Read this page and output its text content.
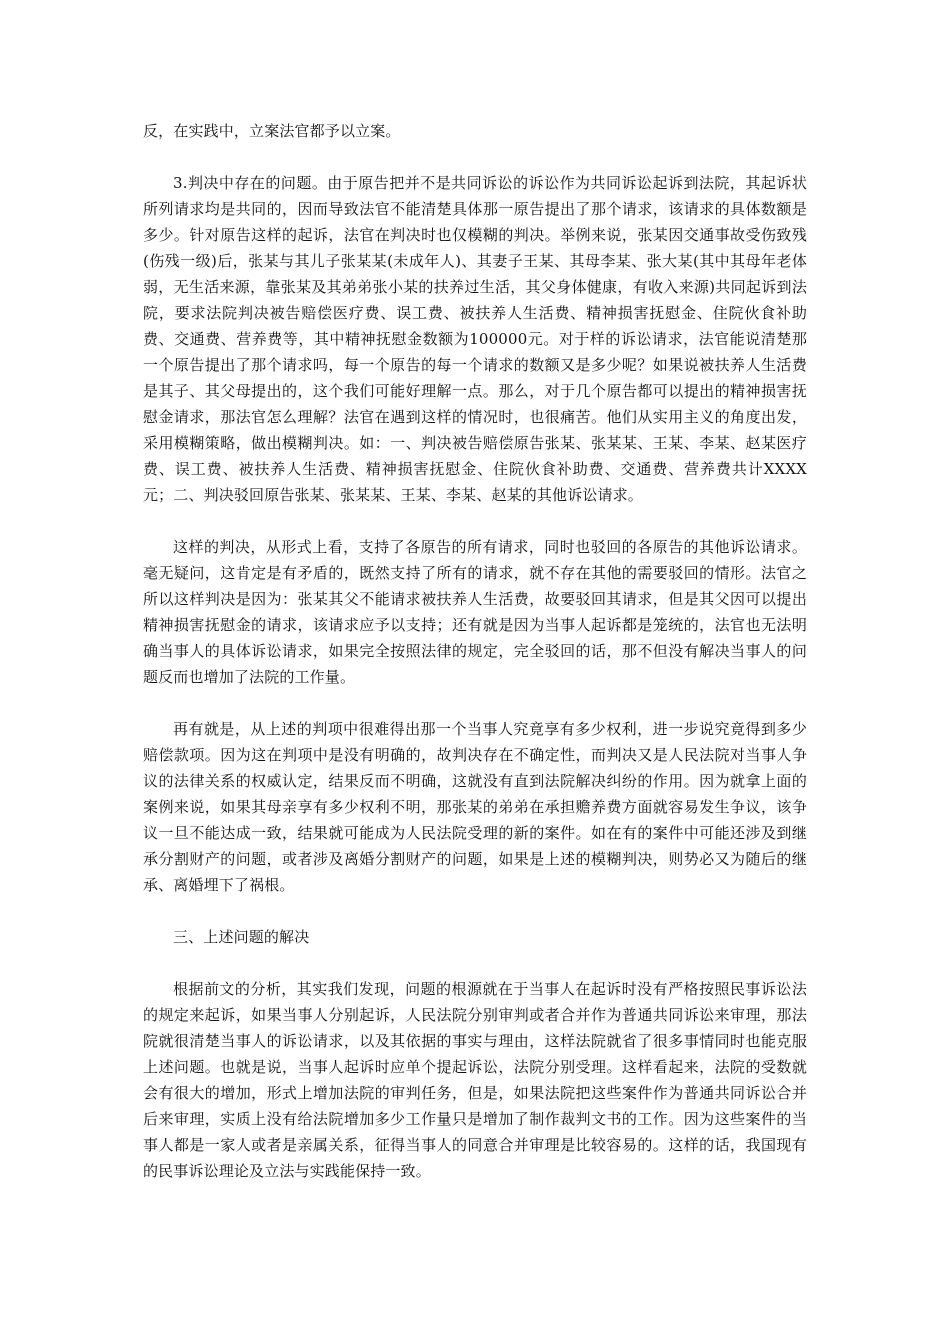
反，在实践中，立案法官都予以立案。

3.判决中存在的问题。由于原告把并不是共同诉讼的诉讼作为共同诉讼起诉到法院，其起诉状所列请求均是共同的，因而导致法官不能清楚具体那一原告提出了那个请求，该请求的具体数额是多少。针对原告这样的起诉，法官在判决时也仅模糊的判决。举例来说，张某因交通事故受伤致残(伤残一级)后，张某与其儿子张某某(未成年人)、其妻子王某、其母李某、张大某(其中其母年老体弱，无生活来源，靠张某及其弟弟张小某的扶养过生活，其父身体健康，有收入来源)共同起诉到法院，要求法院判决被告赔偿医疗费、误工费、被扶养人生活费、精神损害抚慰金、住院伙食补助费、交通费、营养费等，其中精神抚慰金数额为100000元。对于样的诉讼请求，法官能说清楚那一个原告提出了那个请求吗，每一个原告的每一个请求的数额又是多少呢？如果说被扶养人生活费是其子、其父母提出的，这个我们可能好理解一点。那么，对于几个原告都可以提出的精神损害抚慰金请求，那法官怎么理解？法官在遇到这样的情况时，也很痛苦。他们从实用主义的角度出发，采用模糊策略，做出模糊判决。如：一、判决被告赔偿原告张某、张某某、王某、李某、赵某医疗费、误工费、被扶养人生活费、精神损害抚慰金、住院伙食补助费、交通费、营养费共计XXXX元；二、判决驳回原告张某、张某某、王某、李某、赵某的其他诉讼请求。

这样的判决，从形式上看，支持了各原告的所有请求，同时也驳回的各原告的其他诉讼请求。毫无疑问，这肯定是有矛盾的，既然支持了所有的请求，就不存在其他的需要驳回的情形。法官之所以这样判决是因为：张某其父不能请求被扶养人生活费，故要驳回其请求，但是其父因可以提出精神损害抚慰金的请求，该请求应予以支持；还有就是因为当事人起诉都是笼统的，法官也无法明确当事人的具体诉讼请求，如果完全按照法律的规定，完全驳回的话，那不但没有解决当事人的问题反而也增加了法院的工作量。

再有就是，从上述的判项中很难得出那一个当事人究竟享有多少权利，进一步说究竟得到多少赔偿款项。因为这在判项中是没有明确的，故判决存在不确定性，而判决又是人民法院对当事人争议的法律关系的权威认定，结果反而不明确，这就没有直到法院解决纠纷的作用。因为就拿上面的案例来说，如果其母亲享有多少权利不明，那张某的弟弟在承担赡养费方面就容易发生争议，该争议一旦不能达成一致，结果就可能成为人民法院受理的新的案件。如在有的案件中可能还涉及到继承分割财产的问题，或者涉及离婚分割财产的问题，如果是上述的模糊判决，则势必又为随后的继承、离婚埋下了祸根。

三、上述问题的解决

根据前文的分析，其实我们发现，问题的根源就在于当事人在起诉时没有严格按照民事诉讼法的规定来起诉，如果当事人分别起诉，人民法院分别审判或者合并作为普通共同诉讼来审理，那法院就很清楚当事人的诉讼请求，以及其依据的事实与理由，这样法院就省了很多事情同时也能克服上述问题。也就是说，当事人起诉时应单个提起诉讼，法院分别受理。这样看起来，法院的受数就会有很大的增加，形式上增加法院的审判任务，但是，如果法院把这些案件作为普通共同诉讼合并后来审理，实质上没有给法院增加多少工作量只是增加了制作裁判文书的工作。因为这些案件的当事人都是一家人或者是亲属关系，征得当事人的同意合并审理是比较容易的。这样的话，我国现有的民事诉讼理论及立法与实践能保持一致。
